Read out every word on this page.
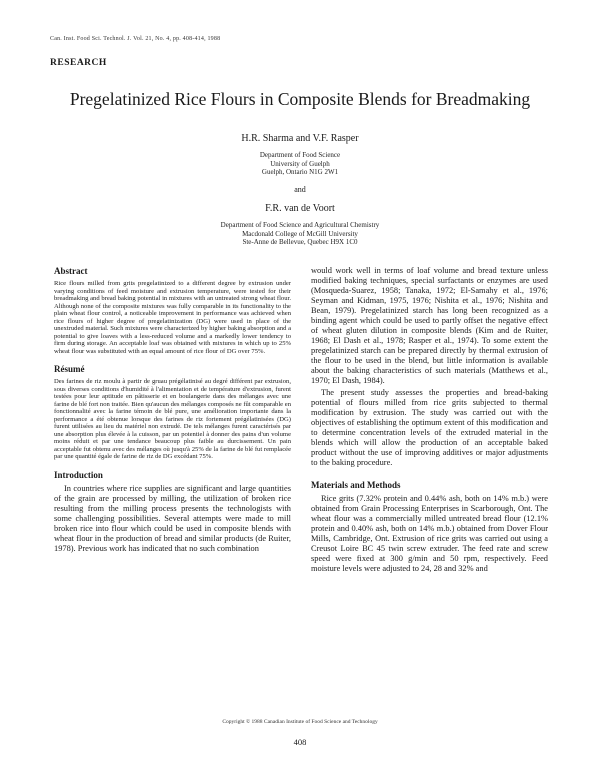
Can. Inst. Food Sci. Technol. J. Vol. 21, No. 4, pp. 408-414, 1988
RESEARCH
Pregelatinized Rice Flours in Composite Blends for Breadmaking
H.R. Sharma and V.F. Rasper
Department of Food Science
University of Guelph
Guelph, Ontario N1G 2W1
and
F.R. van de Voort
Department of Food Science and Agricultural Chemistry
Macdonald College of McGill University
Ste-Anne de Bellevue, Quebec H9X 1C0
Abstract

Rice flours milled from grits pregelatinized to a different degree by extrusion under varying conditions of feed moisture and extrusion temperature, were tested for their breadmaking and bread baking potential in mixtures with an untreated strong wheat flour. Although none of the composite mixtures was fully comparable in its functionality to the plain wheat flour control, a noticeable improvement in performance was achieved when rice flours of higher degree of pregelatinization (DG) were used in place of the unextruded material. Such mixtures were characterized by higher baking absorption and a potential to give loaves with a less-reduced volume and a markedly lower tendency to firm during storage. An acceptable loaf was obtained with mixtures in which up to 25% wheat flour was substituted with an equal amount of rice flour of DG over 75%.

Résumé

Des farines de riz moulu à partir de gruau prégélatinisé au degré différent par extrusion, sous diverses conditions d'humidité à l'alimentation et de température d'extrusion, furent testées pour leur aptitude en pâtisserie et en boulangerie dans des mélanges avec une farine de blé fort non traitée. Bien qu'aucun des mélanges composés ne fût comparable en fonctionnalité avec la farine témoin de blé pure, une amélioration importante dans la performance a été obtenue lorsque des farines de riz fortement prégélatinisées (DG) furent utilisées au lieu du matériel non extrudé. De tels mélanges furent caractérisés par une absorption plus élevée à la cuisson, par un potentiel à donner des pains d'un volume moins réduit et par une tendance beaucoup plus faible au durcissement. Un pain acceptable fut obtenu avec des mélanges où jusqu'à 25% de la farine de blé fut remplacée par une quantité égale de farine de riz de DG excédant 75%.

Introduction

In countries where rice supplies are significant and large quantities of the grain are processed by milling, the utilization of broken rice resulting from the milling process presents the technologists with some challenging possibilities. Several attempts were made to mill broken rice into flour which could be used in composite blends with wheat flour in the production of bread and similar products (de Ruiter, 1978). Previous work has indicated that no such combination

would work well in terms of loaf volume and bread texture unless modified baking techniques, special surfactants or enzymes are used (Mosqueda-Suarez, 1958; Tanaka, 1972; El-Samahy et al., 1976; Seyman and Kidman, 1975, 1976; Nishita et al., 1976; Nishita and Bean, 1979). Pregelatinized starch has long been recognized as a binding agent which could be used to partly offset the negative effect of wheat gluten dilution in composite blends (Kim and de Ruiter, 1968; El Dash et al., 1978; Rasper et al., 1974). To some extent the pregelatinized starch can be prepared directly by thermal extrusion of the flour to be used in the blend, but little information is available about the baking characteristics of such materials (Matthews et al., 1970; El Dash, 1984).

The present study assesses the properties and bread-baking potential of flours milled from rice grits subjected to thermal modification by extrusion. The study was carried out with the objectives of establishing the optimum extent of this modification and to determine concentration levels of the extruded material in the blends which will allow the production of an acceptable baked product without the use of improving additives or major adjustments to the baking procedure.

Materials and Methods

Rice grits (7.32% protein and 0.44% ash, both on 14% m.b.) were obtained from Grain Processing Enterprises in Scarborough, Ont. The wheat flour was a commercially milled untreated bread flour (12.1% protein and 0.40% ash, both on 14% m.b.) obtained from Dover Flour Mills, Cambridge, Ont. Extrusion of rice grits was carried out using a Creusot Loire BC 45 twin screw extruder. The feed rate and screw speed were fixed at 300 g/min and 50 rpm, respectively. Feed moisture levels were adjusted to 24, 28 and 32% and

Copyright © 1988 Canadian Institute of Food Science and Technology
408
